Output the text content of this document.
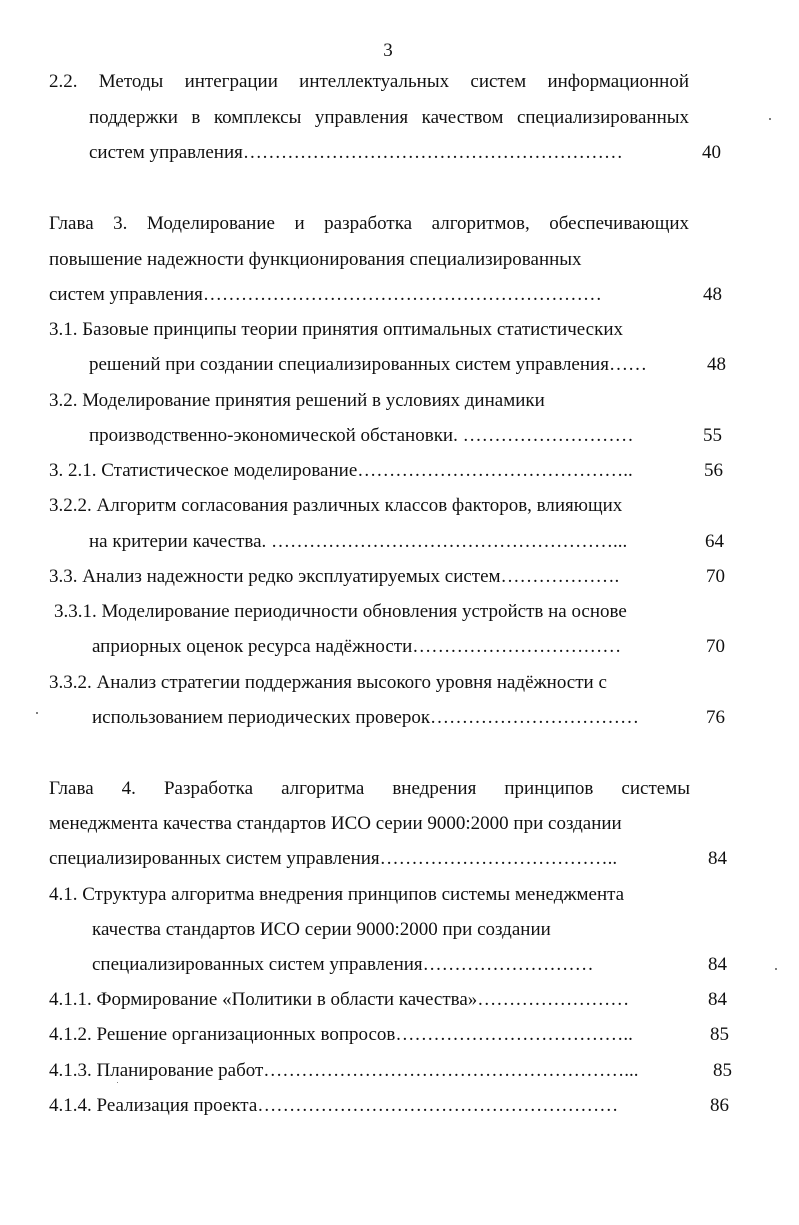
3
2.2. Методы интеграции интеллектуальных систем информационной
поддержки в комплексы управления качеством специализированных
систем управления……………………………………………………	40
Глава 3. Моделирование и разработка алгоритмов, обеспечивающих
повышение надежности функционирования специализированных
систем управления………………………………………………………	48
3.1. Базовые принципы теории принятия оптимальных статистических
решений при создании специализированных систем управления……	48
3.2. Моделирование принятия решений в условиях динамики
производственно-экономической обстановки. ………………………	55
3. 2.1. Статистическое моделирование……………………………………..	56
3.2.2. Алгоритм согласования различных классов факторов, влияющих
на критерии качества. ………………………………………………...	64
3.3. Анализ надежности редко эксплуатируемых систем……………….	70
3.3.1. Моделирование периодичности обновления устройств на основе
априорных оценок ресурса надёжности……………………………	70
3.3.2. Анализ стратегии поддержания высокого уровня надёжности с
использованием периодических проверок……………………………	76
Глава 4. Разработка алгоритма внедрения принципов системы
менеджмента качества стандартов ИСО серии 9000:2000 при создании
специализированных систем управления………………………………..	84
4.1. Структура алгоритма внедрения принципов системы менеджмента
качества стандартов ИСО серии 9000:2000 при создании
специализированных систем управления………………………	84
4.1.1. Формирование «Политики в области качества»……………………	84
4.1.2. Решение организационных вопросов………………………………..	85
4.1.3. Планирование работ…………………………………………………...	85
4.1.4. Реализация проекта…………………………………………………	86
